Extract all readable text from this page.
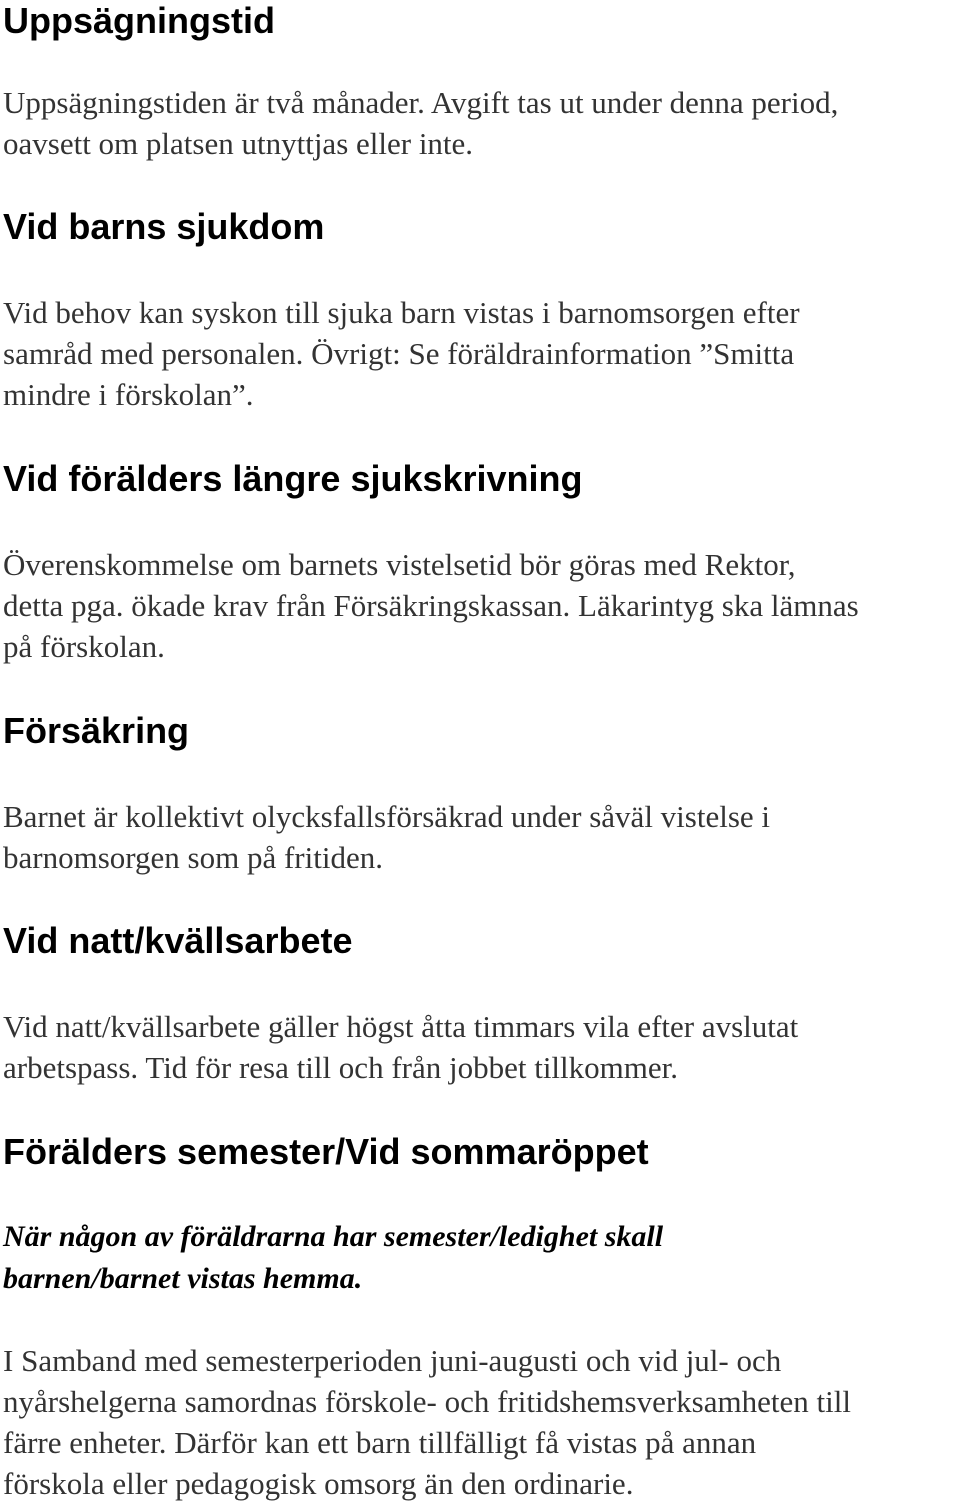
Uppsägningstid
Uppsägningstiden är två månader. Avgift tas ut under denna period,
oavsett om platsen utnyttjas eller inte.
Vid barns sjukdom
Vid behov kan syskon till sjuka barn vistas i barnomsorgen efter
samråd med personalen. Övrigt: Se föräldrainformation ”Smitta
mindre i förskolan”.
Vid förälders längre sjukskrivning
Överenskommelse om barnets vistelsetid bör göras med Rektor,
detta pga. ökade krav från Försäkringskassan. Läkarintyg ska lämnas
på förskolan.
Försäkring
Barnet är kollektivt olycksfallsförsäkrad under såväl vistelse i
barnomsorgen som på fritiden.
Vid natt/kvällsarbete
Vid natt/kvällsarbete gäller högst åtta timmars vila efter avslutat
arbetspass. Tid för resa till och från jobbet tillkommer.
Förälders semester/Vid sommaröppet
När någon av föräldrarna har semester/ledighet skall
barnen/barnet vistas hemma.
I Samband med semesterperioden juni-augusti och vid jul- och
nyårshelgerna samordnas förskole- och fritidshemsverksamheten till
färre enheter. Därför kan ett barn tillfälligt få vistas på annan
förskola eller pedagogisk omsorg än den ordinarie.
